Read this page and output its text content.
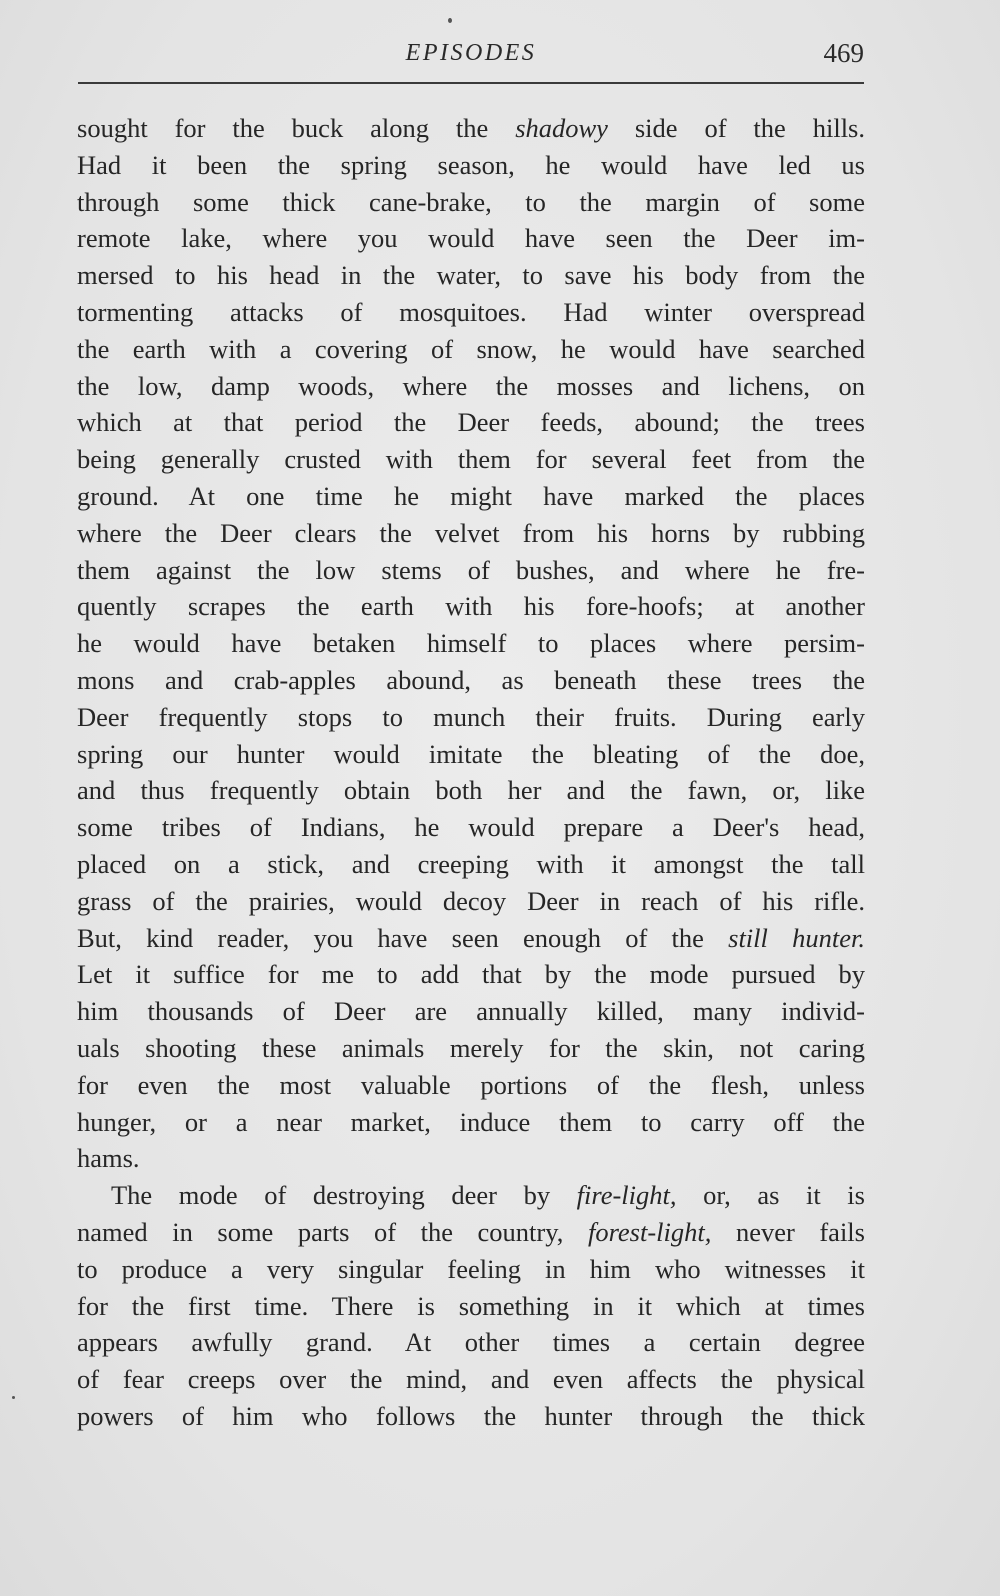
EPISODES	469
sought for the buck along the shadowy side of the hills.
Had it been the spring season, he would have led us
through some thick cane-brake, to the margin of some
remote lake, where you would have seen the Deer im-
mersed to his head in the water, to save his body from the
tormenting attacks of mosquitoes. Had winter overspread
the earth with a covering of snow, he would have searched
the low, damp woods, where the mosses and lichens, on
which at that period the Deer feeds, abound; the trees
being generally crusted with them for several feet from the
ground. At one time he might have marked the places
where the Deer clears the velvet from his horns by rubbing
them against the low stems of bushes, and where he fre-
quently scrapes the earth with his fore-hoofs; at another
he would have betaken himself to places where persim-
mons and crab-apples abound, as beneath these trees the
Deer frequently stops to munch their fruits. During early
spring our hunter would imitate the bleating of the doe,
and thus frequently obtain both her and the fawn, or, like
some tribes of Indians, he would prepare a Deer's head,
placed on a stick, and creeping with it amongst the tall
grass of the prairies, would decoy Deer in reach of his rifle.
But, kind reader, you have seen enough of the still hunter.
Let it suffice for me to add that by the mode pursued by
him thousands of Deer are annually killed, many individ-
uals shooting these animals merely for the skin, not caring
for even the most valuable portions of the flesh, unless
hunger, or a near market, induce them to carry off the
hams.
The mode of destroying deer by fire-light, or, as it is
named in some parts of the country, forest-light, never fails
to produce a very singular feeling in him who witnesses it
for the first time. There is something in it which at times
appears awfully grand. At other times a certain degree
of fear creeps over the mind, and even affects the physical
powers of him who follows the hunter through the thick
